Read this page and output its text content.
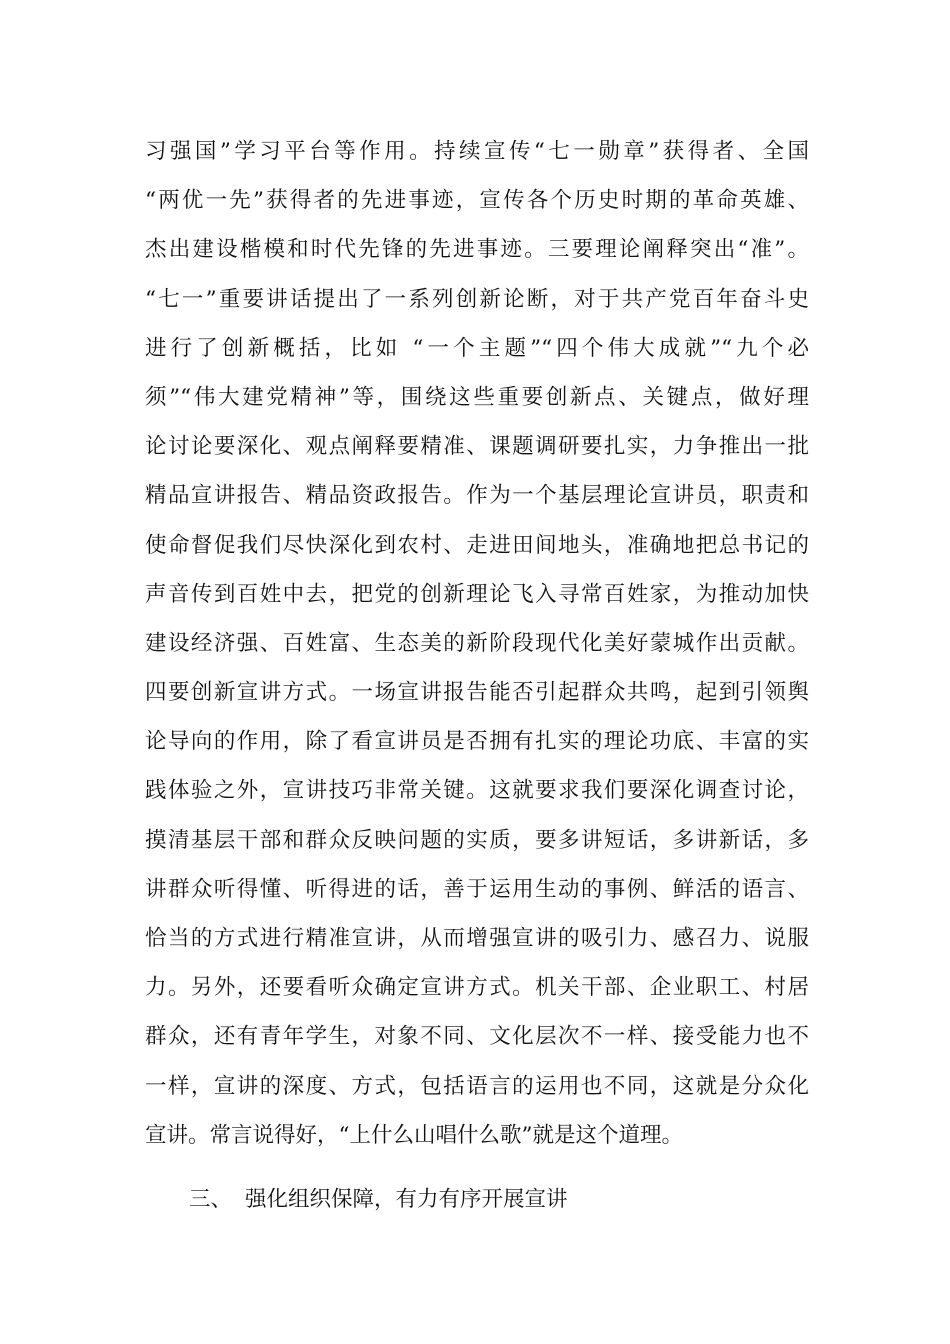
习强国”学习平台等作用。持续宣传“七一勋章”获得者、全国
“两优一先”获得者的先进事迹，宣传各个历史时期的革命英雄、
杰出建设楷模和时代先锋的先进事迹。三要理论阐释突出“准”。
“七一”重要讲话提出了一系列创新论断，对于共产党百年奋斗史
进行了创新概括，比如 “一个主题”“四个伟大成就”“九个必
须”“伟大建党精神”等，围绕这些重要创新点、关键点，做好理
论讨论要深化、观点阐释要精准、课题调研要扎实，力争推出一批
精品宣讲报告、精品资政报告。作为一个基层理论宣讲员，职责和
使命督促我们尽快深化到农村、走进田间地头，准确地把总书记的
声音传到百姓中去，把党的创新理论飞入寻常百姓家，为推动加快
建设经济强、百姓富、生态美的新阶段现代化美好蒙城作出贡献。
四要创新宣讲方式。一场宣讲报告能否引起群众共鸣，起到引领舆
论导向的作用，除了看宣讲员是否拥有扎实的理论功底、丰富的实
践体验之外，宣讲技巧非常关键。这就要求我们要深化调查讨论，
摸清基层干部和群众反映问题的实质，要多讲短话，多讲新话，多
讲群众听得懂、听得进的话，善于运用生动的事例、鲜活的语言、
恰当的方式进行精准宣讲，从而增强宣讲的吸引力、感召力、说服
力。另外，还要看听众确定宣讲方式。机关干部、企业职工、村居
群众，还有青年学生，对象不同、文化层次不一样、接受能力也不
一样，宣讲的深度、方式，包括语言的运用也不同，这就是分众化
宣讲。常言说得好，“上什么山唱什么歌”就是这个道理。
三、 强化组织保障，有力有序开展宣讲
